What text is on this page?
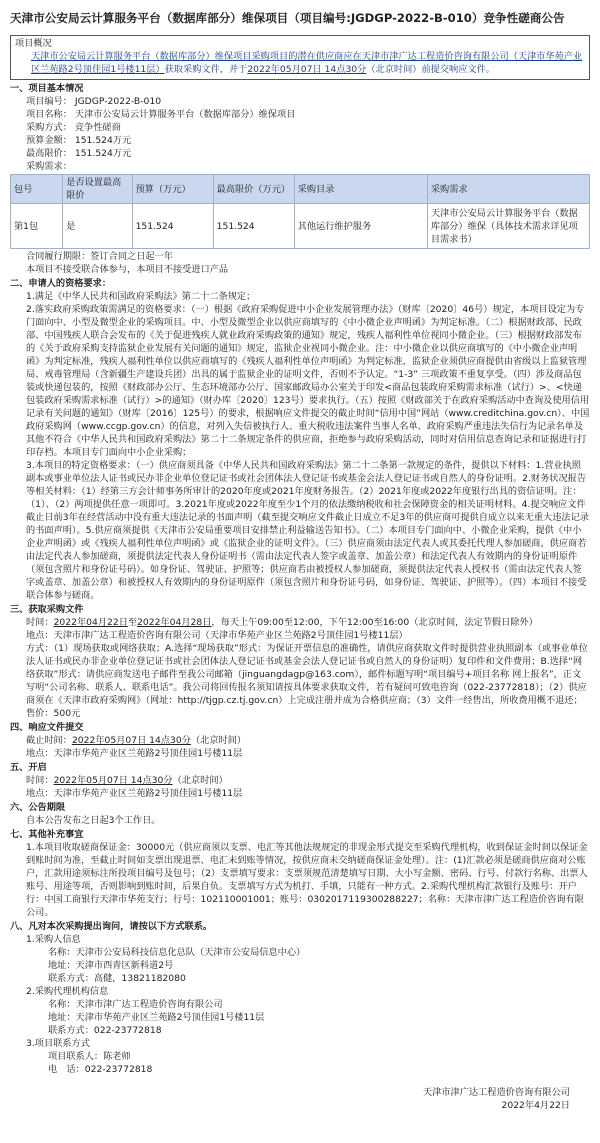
天津市公安局云计算服务平台（数据库部分）维保项目（项目编号:JGDGP-2022-B-010）竞争性磋商公告
项目概况
天津市公安局云计算服务平台（数据库部分）维保项目采购项目的潜在供应商应在天津市津广达工程造价咨询有限公司（天津市华苑产业区兰苑路2号顶佳园1号楼11层）获取采购文件，并于2022年05月07日 14点30分（北京时间）前提交响应文件。
一、项目基本情况
项目编号： JGDGP-2022-B-010
项目名称： 天津市公安局云计算服务平台（数据库部分）维保项目
采购方式： 竞争性磋商
预算金额： 151.524万元
最高限价： 151.524万元
采购需求：
包号	是否设置最高限价	预算（万元）	最高限价（万元）	采购目录	采购需求
第1包	是	151.524	151.524	其他运行维护服务	天津市公安局云计算服务平台（数据库部分）维保（具体技术需求详见项目需求书）
合同履行期限：签订合同之日起一年
本项目不接受联合体参与，本项目不接受进口产品
二、申请人的资格要求：
1.满足《中华人民共和国政府采购法》第二十二条规定；
2.落实政府采购政策需满足的资格要求：（一）根据《政府采购促进中小企业发展管理办法》（财库〔2020〕46号）规定，本项目设定为专门面向中、小型及微型企业的采购项目。中、小型及微型企业以供应商填写的《中小微企业声明函》为判定标准。（二）根据财政部、民政部、中国残疾人联合会发布的《关于促进残疾人就业政府采购政策的通知》规定，残疾人福利性单位视同小微企业。（三）根据财政部发布的《关于政府采购支持监狱企业发展有关问题的通知》规定，监狱企业视同小微企业。注：中小微企业以供应商填写的《中小微企业声明函》为判定标准，残疾人福利性单位以供应商填写的《残疾人福利性单位声明函》为判定标准，监狱企业须供应商提供由省级以上监狱管理局、戒毒管理局（含新疆生产建设兵团）出具的属于监狱企业的证明文件，否则不予认定。“1-3” 三项政策不重复享受。（四）涉及商品包装或快递包装的，按照《财政部办公厅、生态环境部办公厅、国家邮政局办公室关于印发<商品包装政府采购需求标准（试行）>、<快递包装政府采购需求标准（试行）>的通知》（财办库〔2020〕123号）要求执行。（五）按照《财政部关于在政府采购活动中查询及使用信用记录有关问题的通知》（财库〔2016〕125号）的要求，根据响应文件提交的截止时间“信用中国”网站（www.creditchina.gov.cn）、中国政府采购网（www.ccgp.gov.cn）的信息，对列入失信被执行人、重大税收违法案件当事人名单、政府采购严重违法失信行为记录名单及其他不符合《中华人民共和国政府采购法》第二十二条规定条件的供应商，拒绝参与政府采购活动，同时对信用信息查询记录和证据进行打印存档。本项目专门面向中小企业采购；
3.本项目的特定资格要求：（一）供应商须具备《中华人民共和国政府采购法》第二十二条第一款规定的条件，提供以下材料：1.营业执照副本或事业单位法人证书或民办非企业单位登记证书或社会团体法人登记证书或基金会法人登记证书或自然人的身份证明。2.财务状况报告等相关材料：（1）经第三方会计师事务所审计的2020年度或2021年度财务报告。（2）2021年度或2022年度银行出具的资信证明。注：（1）、（2）两项提供任意一项即可。3.2021年度或2022年度至少1个月的依法缴纳税收和社会保障资金的相关证明材料。4.提交响应文件截止日前3年在经营活动中没有重大违法记录的书面声明（截至提交响应文件截止日成立不足3年的供应商可提供自成立以来无重大违法记录的书面声明）。5.供应商须提供《天津市公安局重要项目安排禁止利益输送告知书》。（二）本项目专门面向中、小微企业采购，提供《中小企业声明函》或《残疾人福利性单位声明函》或《监狱企业的证明文件》。（三）供应商须由法定代表人或其委托代理人参加磋商，供应商若由法定代表人参加磋商，须提供法定代表人身份证明书（需由法定代表人签字或盖章、加盖公章）和法定代表人有效期内的身份证明原件（须包含照片和身份证号码）。如身份证、驾驶证、护照等；供应商若由被授权人参加磋商，须提供法定代表人授权书（需由法定代表人签字或盖章、加盖公章）和被授权人有效期内的身份证明原件（须包含照片和身份证号码，如身份证、驾驶证、护照等）。（四）本项目不接受联合体参与磋商。
三、获取采购文件
时间：2022年04月22日至2022年04月28日，每天上午09:00至12:00，下午12:00至16:00（北京时间，法定节假日除外）
地点：天津市津广达工程造价咨询有限公司（天津市华苑产业区兰苑路2号顶佳园1号楼11层）
方式：（1）现场获取或网络获取；A.选择“现场获取”形式：为保证开票信息的准确性，请供应商获取文件时提供营业执照副本（或事业单位法人证书或民办非企业单位登记证书或社会团体法人登记证书或基金会法人登记证书或自然人的身份证明）复印件和文件费用；B.选择“网络获取”形式：请供应商发送电子邮件至我公司邮箱（jinguangdagp@163.com），邮件标题写明“项目编号+项目名称 网上报名”，正文写明“公司名称、联系人、联系电话”。我公司将回传报名须知请按具体要求获取文件，若有疑问可致电咨询（022-23772818）；（2）供应商须在《天津市政府采购网》（网址：http://tjgp.cz.tj.gov.cn）上完成注册并成为合格供应商；（3）文件一经售出，所收费用概不退还；
售价：500元
四、响应文件提交
截止时间：2022年05月07日 14点30分（北京时间）
地点：天津市华苑产业区兰苑路2号顶佳园1号楼11层
五、开启
时间：2022年05月07日 14点30分（北京时间）
地点：天津市华苑产业区兰苑路2号顶佳园1号楼11层
六、公告期限
自本公告发布之日起3个工作日。
七、其他补充事宜
1.本项目收取磋商保证金：30000元（供应商须以支票、电汇等其他法规规定的非现金形式提交至采购代理机构，收到保证金时间以保证金到账时间为准，至截止时间如支票出现退票、电汇未到账等情况，按供应商未交纳磋商保证金处理）。注：(1)汇款必须是磋商供应商对公账户，汇款用途须标注所投项目编号及包号；（2）支票填写要求：支票须规范清楚填写日期、大小写金额、密码、行号、付款行名称、出票人账号、用途等项，否则影响到账时间，后果自负。支票填写方式为机打、手填，只能有一种方式。2.采购代理机构汇款银行及账号：开户行：中国工商银行天津市华苑支行；行号：102110001001；账号：0302017119300288227；名称：天津市津广达工程造价咨询有限公司。
八、凡对本次采购提出询问，请按以下方式联系。
1.采购人信息
名称：天津市公安局科技信息化总队（天津市公安局信息中心）
地址：天津市西青区新科道2号
联系方式：高健，13821182080
2.采购代理机构信息
名称：天津市津广达工程造价咨询有限公司
地址：天津市华苑产业区兰苑路2号顶佳园1号楼11层
联系方式：022-23772818
3.项目联系方式
项目联系人：陈老师
电　话：022-23772818
天津市津广达工程造价咨询有限公司
2022年4月22日
